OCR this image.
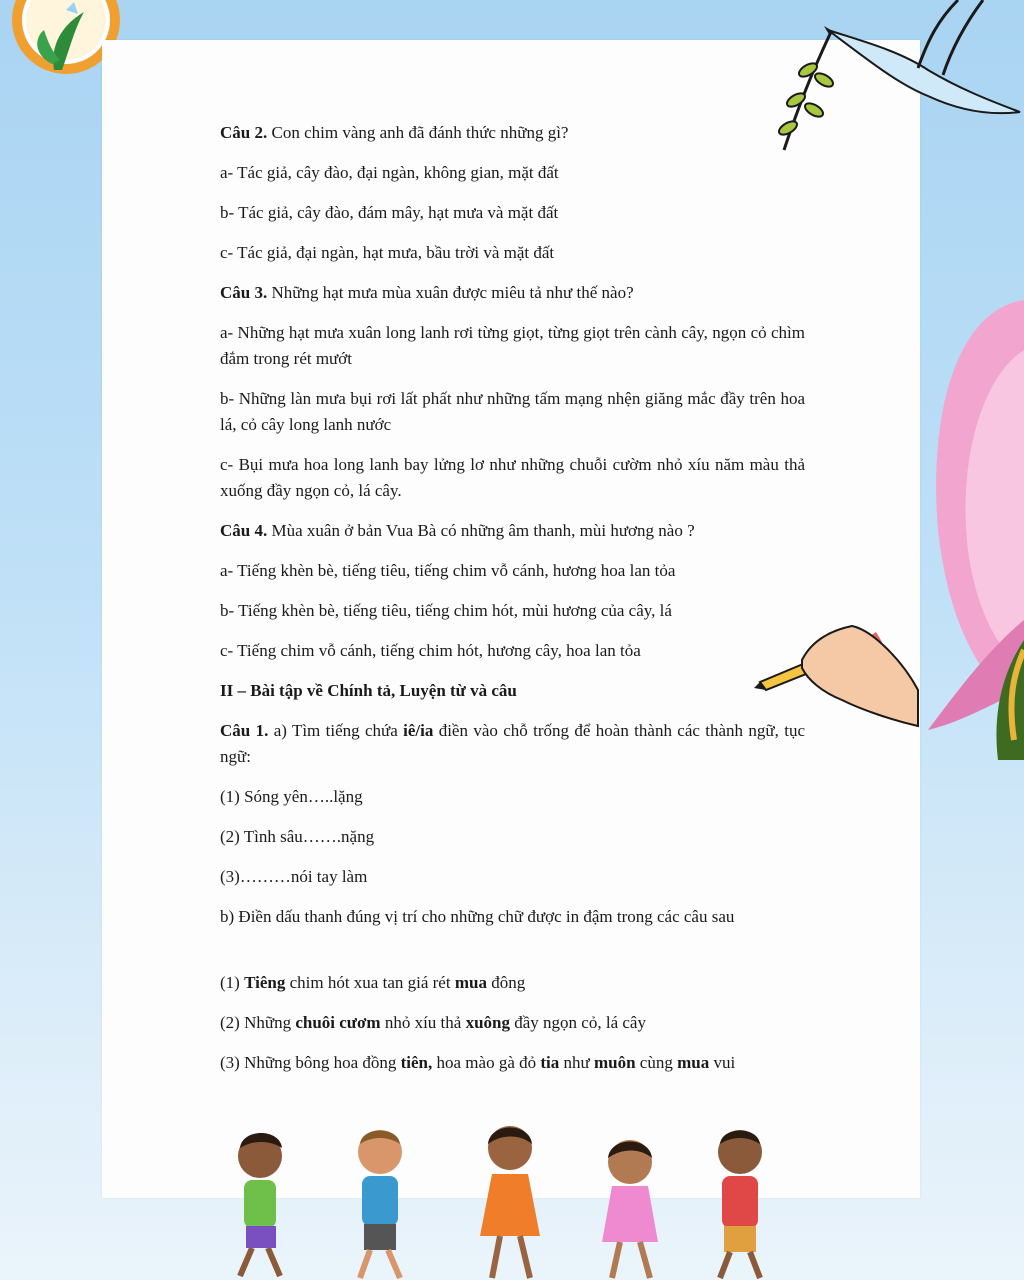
Câu 2. Con chim vàng anh đã đánh thức những gì?

a- Tác giả, cây đào, đại ngàn, không gian, mặt đất

b- Tác giả, cây đào, đám mây, hạt mưa và mặt đất

c- Tác giả, đại ngàn, hạt mưa, bầu trời và mặt đất

Câu 3. Những hạt mưa mùa xuân được miêu tả như thế nào?

a- Những hạt mưa xuân long lanh rơi từng giọt, từng giọt trên cành cây, ngọn cỏ chìm đắm trong rét mướt

b- Những làn mưa bụi rơi lất phất như những tấm mạng nhện giăng mắc đầy trên hoa lá, cỏ cây long lanh nước

c- Bụi mưa hoa long lanh bay lửng lơ như những chuỗi cườm nhỏ xíu năm màu thả xuống đầy ngọn cỏ, lá cây.

Câu 4. Mùa xuân ở bản Vua Bà có những âm thanh, mùi hương nào ?

a- Tiếng khèn bè, tiếng tiêu, tiếng chim vỗ cánh, hương hoa lan tỏa

b- Tiếng khèn bè, tiếng tiêu, tiếng chim hót, mùi hương của cây, lá

c- Tiếng chim vỗ cánh, tiếng chim hót, hương cây, hoa lan tỏa

II – Bài tập về Chính tả, Luyện từ và câu

Câu 1. a) Tìm tiếng chứa iê/ia điền vào chỗ trống để hoàn thành các thành ngữ, tục ngữ:

(1) Sóng yên…..lặng

(2) Tình sâu…….nặng

(3)………nói tay làm

b) Điền dấu thanh đúng vị trí cho những chữ được in đậm trong các câu sau

(1) Tiêng chim hót xua tan giá rét mua đông

(2) Những chuôi cươm nhỏ xíu thả xuông đầy ngọn cỏ, lá cây

(3) Những bông hoa đồng tiên, hoa mào gà đỏ tia như muôn cùng mua vui
